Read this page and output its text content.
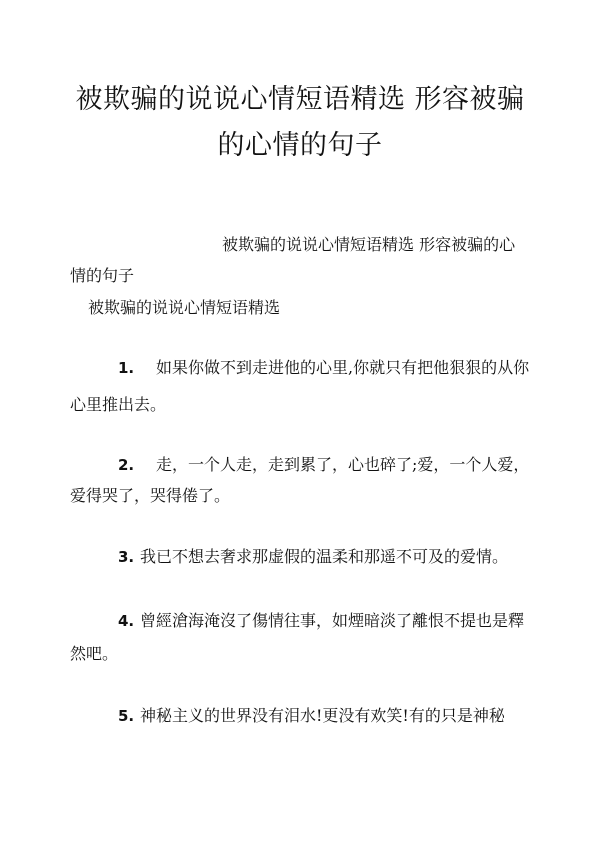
被欺骗的说说心情短语精选 形容被骗
的心情的句子

被欺骗的说说心情短语精选 形容被骗的心

情的句子

被欺骗的说说心情短语精选

1. 如果你做不到走进他的心里,你就只有把他狠狠的从你

心里推出去。

2. 走，一个人走，走到累了，心也碎了;爱，一个人爱，

爱得哭了，哭得倦了。

3. 我已不想去奢求那虚假的温柔和那遥不可及的爱情。

4. 曾經滄海淹沒了傷情往事，如煙暗淡了離恨不提也是釋

然吧。

5. 神秘主义的世界没有泪水!更没有欢笑!有的只是神秘
